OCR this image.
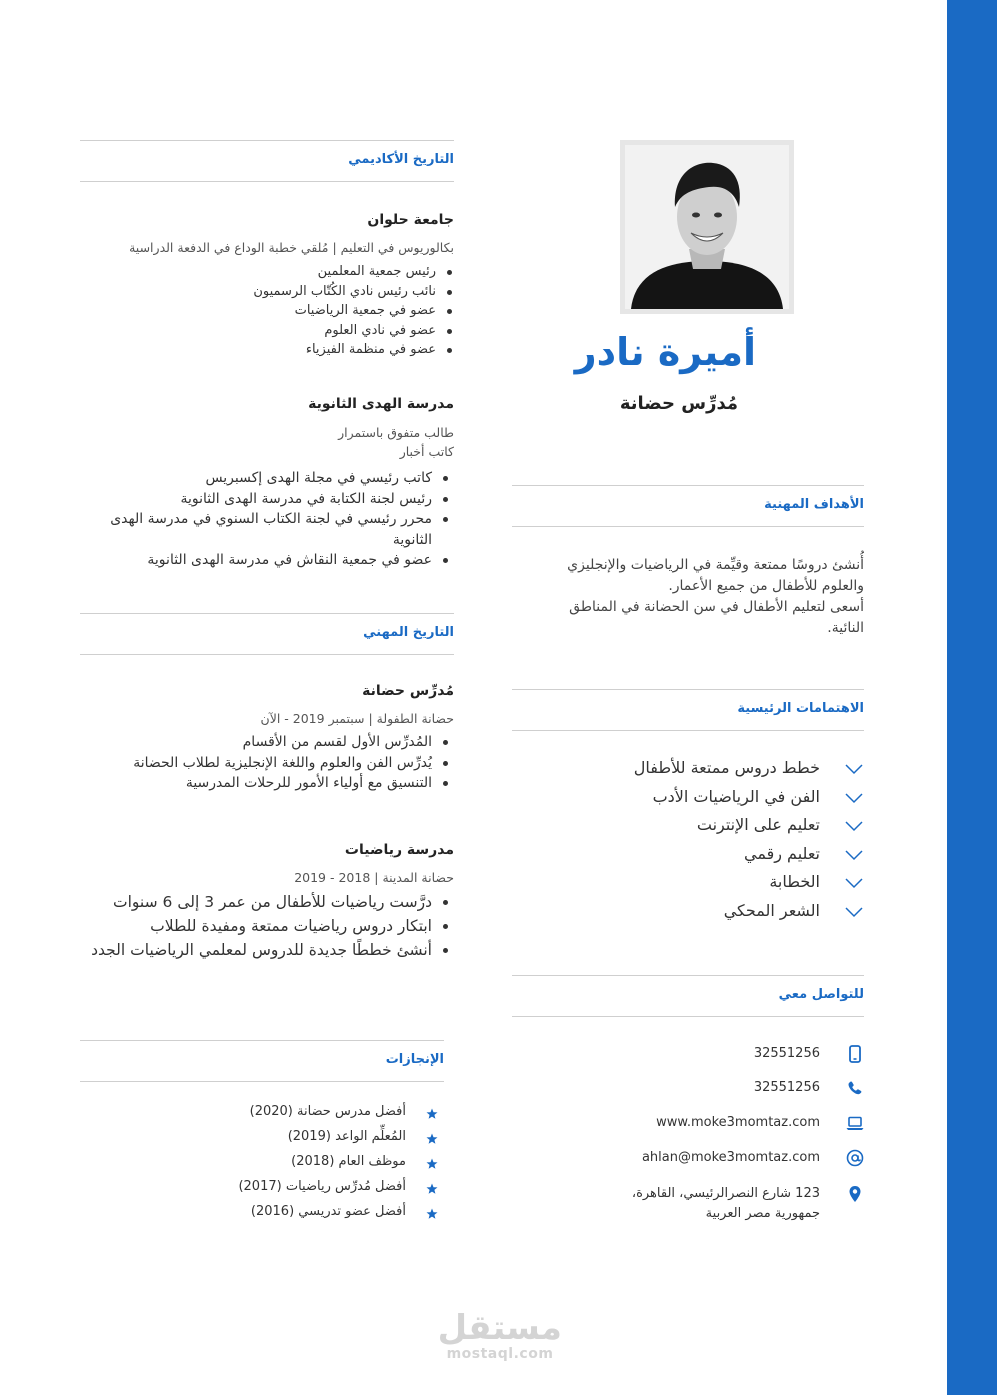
أميرة نادر
مُدرِّس حضانة
الأهداف المهنية
أُنشئ دروسًا ممتعة وقيِّمة في الرياضيات والإنجليزي
والعلوم للأطفال من جميع الأعمار.
أسعى لتعليم الأطفال في سن الحضانة في المناطق
النائية.
الاهتمامات الرئيسية
خطط دروس ممتعة للأطفال
الفن في الرياضيات الأدب
تعليم على الإنترنت
تعليم رقمي
الخطابة
الشعر المحكي
للتواصل معي
32551256
32551256
www.moke3momtaz.com
ahlan@moke3momtaz.com
123 شارع النصرالرئيسي، القاهرة،
جمهورية مصر العربية
التاريخ الأكاديمي
جامعة حلوان
بكالوريوس في التعليم | مُلقي خطبة الوداع في الدفعة الدراسية
رئيس جمعية المعلمين
نائب رئيس نادي الكُتّاب الرسميون
عضو في جمعية الرياضيات
عضو في نادي العلوم
عضو في منظمة الفيزياء
مدرسة الهدى الثانوية
طالب متفوق باستمرار
كاتب أخبار
كاتب رئيسي في مجلة الهدى إكسبريس
رئيس لجنة الكتابة في مدرسة الهدى الثانوية
محرر رئيسي في لجنة الكتاب السنوي في مدرسة الهدى الثانوية
عضو في جمعية النقاش في مدرسة الهدى الثانوية
التاريخ المهني
مُدرِّس حضانة
حضانة الطفولة | سبتمبر 2019 - الآن
المُدرِّس الأول لقسم من الأقسام
يُدرِّس الفن والعلوم واللغة الإنجليزية لطلاب الحضانة
التنسيق مع أولياء الأمور للرحلات المدرسية
مدرسة رياضيات
حضانة المدينة | 2018 - 2019
درَّست رياضيات للأطفال من عمر 3 إلى 6 سنوات
ابتكار دروس رياضيات ممتعة ومفيدة للطلاب
أنشئ خططًا جديدة للدروس لمعلمي الرياضيات الجدد
الإنجازات
أفضل مدرس حضانة (2020)
المُعلِّم الواعد (2019)
موظف العام (2018)
أفضل مُدرِّس رياضيات (2017)
أفضل عضو تدريسي (2016)
مستقل
mostaql.com
